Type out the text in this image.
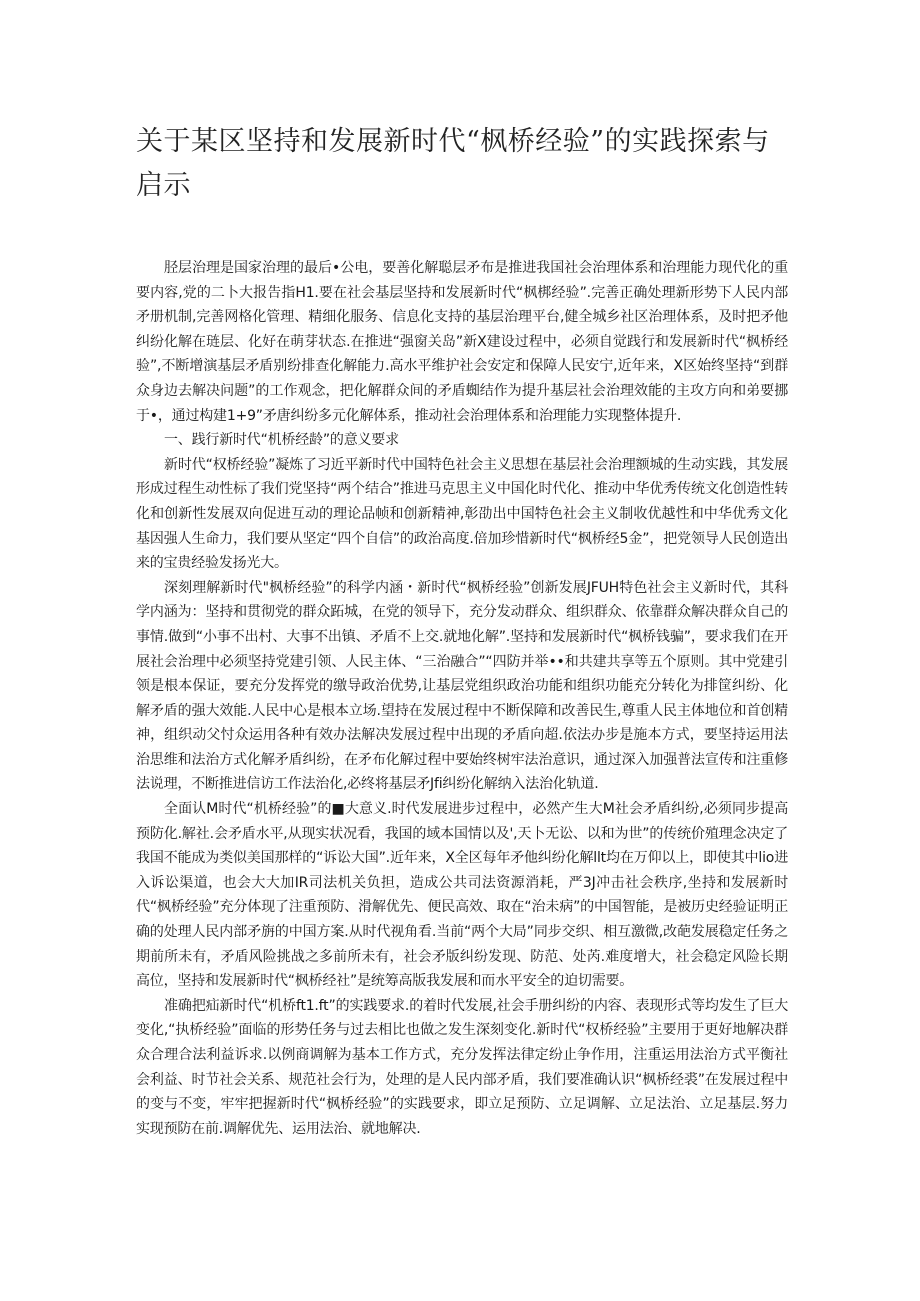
关于某区坚持和发展新时代“枫桥经验”的实践探索与启示

胫层治理是国家治理的最后•公电，要善化解聪层矛布是推进我国社会治理体系和治理能力现代化的重要内容,党的二卜大报告指H1.要在社会基层坚持和发展新时代“枫梆经验”.完善正确处理新形势下人民内部矛册机制,完善网格化管理、精细化服务、信息化支持的基层治理平台,健全城乡社区治理体系，及时把矛他纠纷化解在琏层、化好在萌芽状态.在推进“强窗关岛”新X建设过程中，必须自觉践行和发展新时代“枫桥经验”,不断增演基层矛盾别纷排查化解能力.高水平维护社会安定和保障人民安宁,近年来，X区始终坚持“到群众身边去解决问题”的工作观念，把化解群众间的矛盾蜘结作为提升基层社会治理效能的主攻方向和弟要挪于•，通过构建1+9”矛唐纠纷多元化解体系，推动社会治理体系和治理能力实现整体提升.

一、践行新时代“机桥经龄”的意义要求

新时代“权桥经验”凝炼了习近平新时代中国特色社会主义思想在基层社会治理额城的生动实践，其发展形成过程生动性标了我们党坚持“两个结合”推进马克思主义中国化时代化、推动中华优秀传统文化创造性转化和创新性发展双向促进互动的理论品帧和创新精神,彰劭出中国特色社会主义制收优越性和中华优秀文化基因强人生命力，我们要从坚定“四个自信”的政治高度.倍加珍惜新时代“枫桥经5金”，把党领导人民创造出来的宝贵经验发扬光大。

深刻理解新时代"枫桥经验”的科学内涵・新时代“枫桥经验”创新发展JFUH特色社会主义新时代，其科学内涵为：坚持和贯彻党的群众跖城，在党的领导下，充分发动群众、组织群众、依靠群众解决群众自己的事情.做到“小事不出村、大事不出镇、矛盾不上交.就地化解”.坚持和发展新时代“枫桥钱骗”，要求我们在开展社会治理中必须坚持党建引领、人民主体、“三治融合”“四防并举••和共建共享等五个原则。其中党建引领是根本保证，要充分发挥党的缴导政治优势,让基层党组织政治功能和组织功能充分转化为排筐纠纷、化解矛盾的强大效能.人民中心是根本立场.望持在发展过程中不断保障和改善民生,尊重人民主体地位和首创精神，组织动父忖众运用各种有效办法解决发展过程中出现的矛盾向超.依法办步是施本方式，要坚持运用法治思维和法治方式化解矛盾纠纷，在矛布化解过程中要始终树牢法治意识，通过深入加强普法宣传和注重修法说理，不断推进信访工作法治化,必终将基层矛Jfi纠纷化解纳入法治化轨道.

全面认M时代“机桥经验”的■大意义.时代发展进步过程中，必然产生大M社会矛盾纠纷,必须同步提高预防化.解社.会矛盾水平,从现实状况看，我国的域本国情以及',天卜无讼、以和为世”的传统价殖理念决定了我国不能成为类似美国那样的“诉讼大国”.近年来，X全区每年矛他纠纷化解llt均在万仰以上，即使其中lio进入诉讼渠道，也会大大加IR司法机关负担，造成公共司法资源消耗，严3J冲击社会秩序,坐持和发展新时代“枫桥经验”充分体现了注重预防、滑解优先、便民高效、取在“治未病”的中国智能，是被历史经验证明正确的处理人民内部矛旃的中国方案.从时代视角看.当前“两个大局”同步交织、相互激微,改葩发展稳定任务之期前所未有，矛盾风险挑战之多前所未有，社会矛版纠纷发现、防范、处芮.难度增大，社会稳定风险长期高位，坚持和发展新时代“枫桥经社”是统筹高版我发展和而水平安全的迫切需要。

准确把疝新时代“机桥ft1.ft”的实践要求.的着时代发展,社会手册纠纷的内容、表现形式等均发生了巨大变化,“执桥经验”面临的形势任务与过去相比也做之发生深刻变化.新时代“权桥经验”主要用于更好地解决群众合理合法利益诉求.以例商调解为基本工作方式，充分发挥法律定纷止争作用，注重运用法治方式平衡社会利益、时节社会关系、规范社会行为，处理的是人民内部矛盾，我们要准确认识“枫桥经裘”在发展过程中的变与不变，牢牢把握新时代“枫桥经验”的实践要求，即立足预防、立足调解、立足法治、立足基层.努力实现预防在前.调解优先、运用法治、就地解决.
